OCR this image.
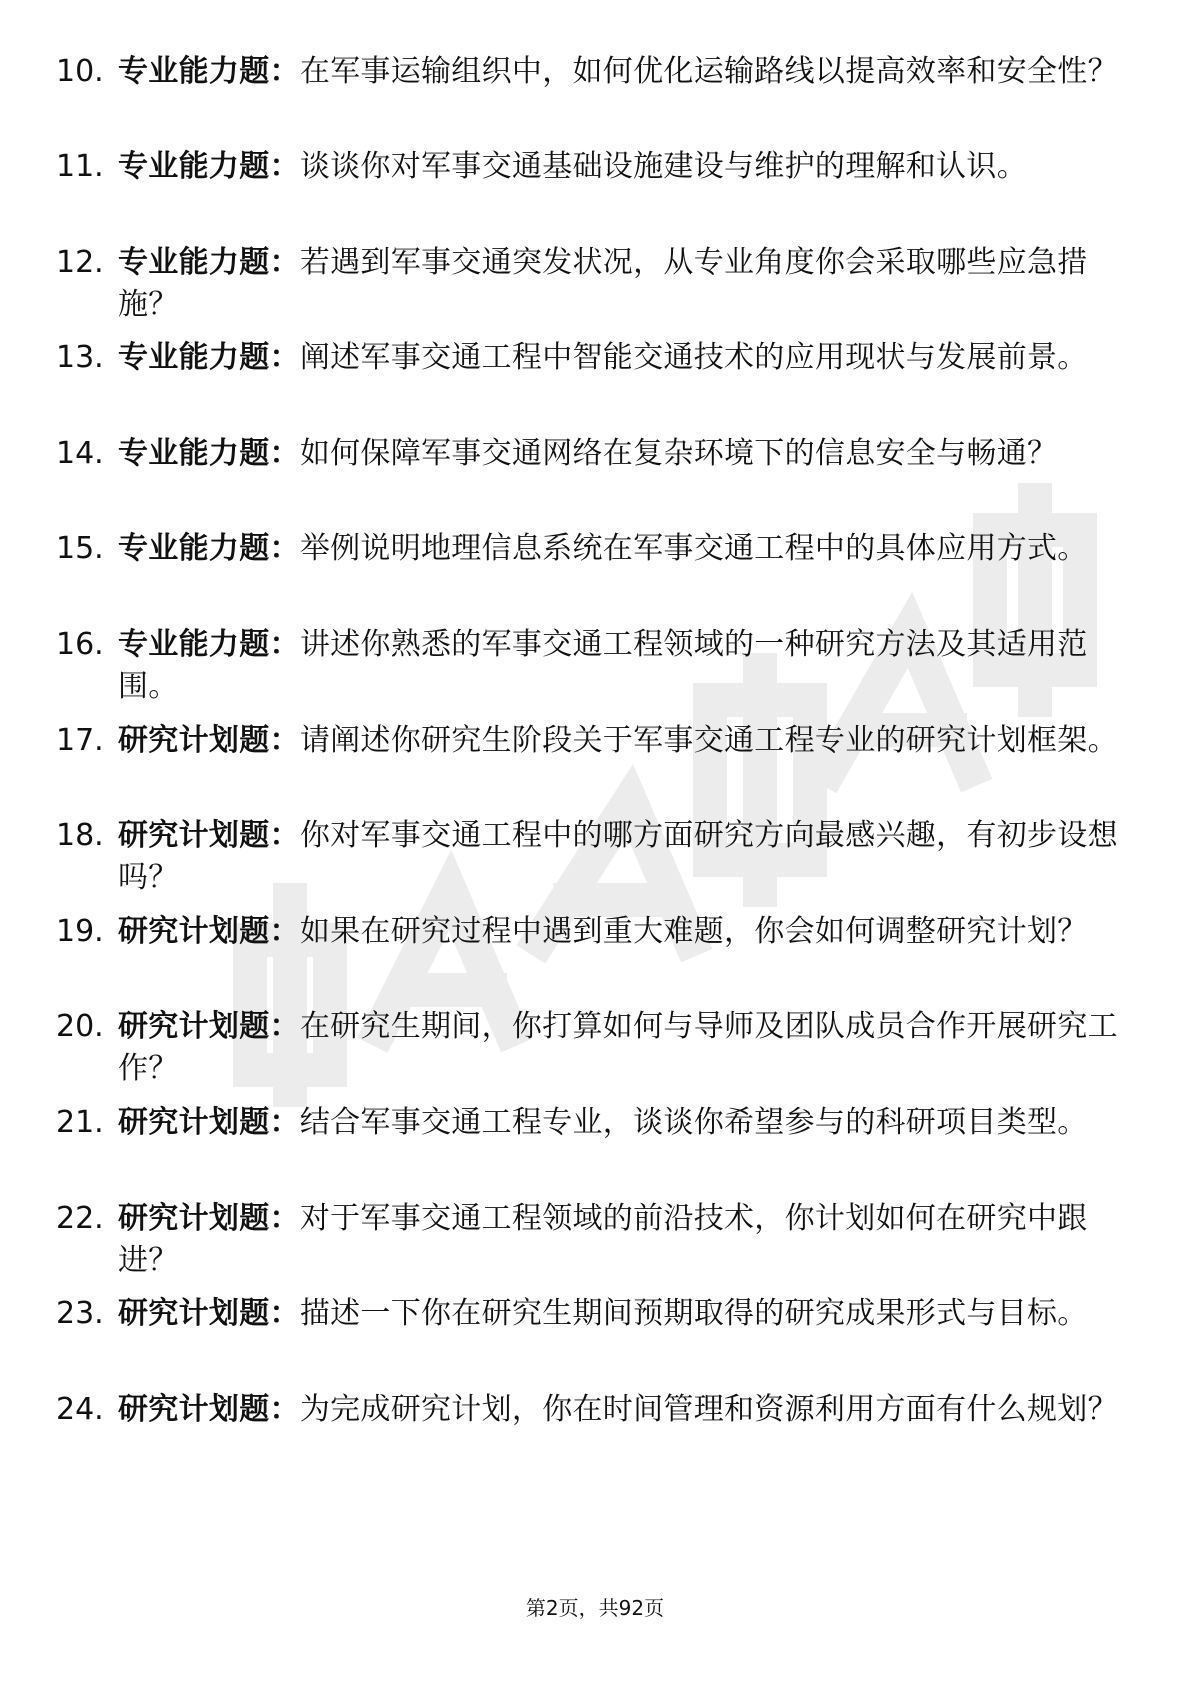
10. 专业能力题：在军事运输组织中，如何优化运输路线以提高效率和安全性？
11. 专业能力题：谈谈你对军事交通基础设施建设与维护的理解和认识。
12. 专业能力题：若遇到军事交通突发状况，从专业角度你会采取哪些应急措施？
13. 专业能力题：阐述军事交通工程中智能交通技术的应用现状与发展前景。
14. 专业能力题：如何保障军事交通网络在复杂环境下的信息安全与畅通？
15. 专业能力题：举例说明地理信息系统在军事交通工程中的具体应用方式。
16. 专业能力题：讲述你熟悉的军事交通工程领域的一种研究方法及其适用范围。
17. 研究计划题：请阐述你研究生阶段关于军事交通工程专业的研究计划框架。
18. 研究计划题：你对军事交通工程中的哪方面研究方向最感兴趣，有初步设想吗？
19. 研究计划题：如果在研究过程中遇到重大难题，你会如何调整研究计划？
20. 研究计划题：在研究生期间，你打算如何与导师及团队成员合作开展研究工作？
21. 研究计划题：结合军事交通工程专业，谈谈你希望参与的科研项目类型。
22. 研究计划题：对于军事交通工程领域的前沿技术，你计划如何在研究中跟进？
23. 研究计划题：描述一下你在研究生期间预期取得的研究成果形式与目标。
24. 研究计划题：为完成研究计划，你在时间管理和资源利用方面有什么规划？
第2页，共92页
